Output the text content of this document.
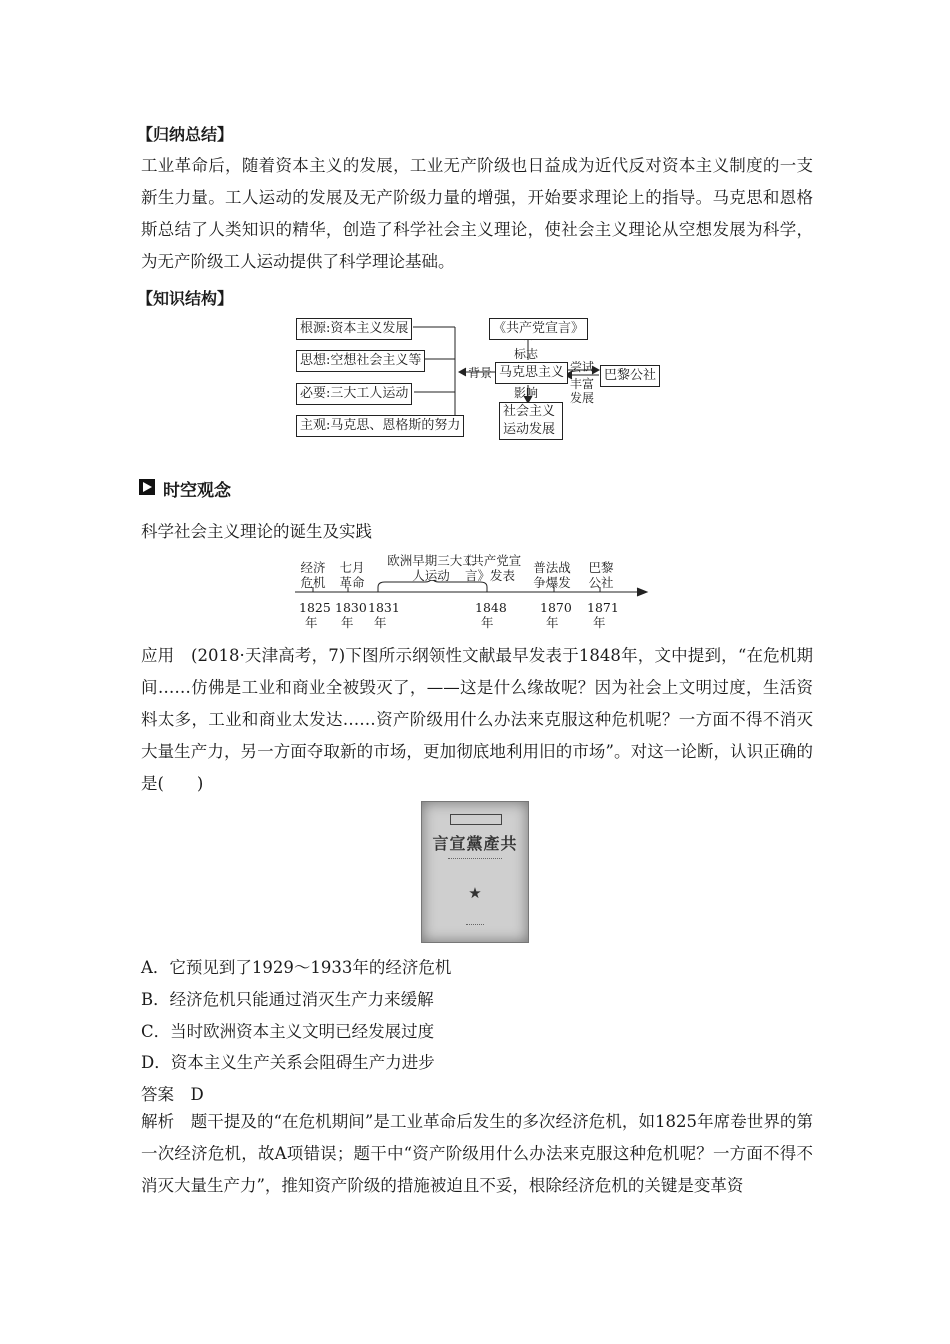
【归纳总结】
工业革命后，随着资本主义的发展，工业无产阶级也日益成为近代反对资本主义制度的一支新生力量。工人运动的发展及无产阶级力量的增强，开始要求理论上的指导。马克思和恩格斯总结了人类知识的精华，创造了科学社会主义理论，使社会主义理论从空想发展为科学，为无产阶级工人运动提供了科学理论基础。
【知识结构】
根源:资本主义发展
思想:空想社会主义等
必要:三大工人运动
主观:马克思、恩格斯的努力
背景 马克思主义
《共产党宣言》
标志
影响
社会主义运动发展
尝试
丰富发展
巴黎公社
时空观念
科学社会主义理论的诞生及实践
经济危机
七月革命
欧洲早期三大工人运动
《共产党宣言》发表
普法战争爆发
巴黎公社
1825
年
1830
年
1831
年
1848
年
1870
年
1871
年
应用　(2018·天津高考，7)下图所示纲领性文献最早发表于1848年，文中提到，“在危机期间……仿佛是工业和商业全被毁灭了，——这是什么缘故呢？因为社会上文明过度，生活资料太多，工业和商业太发达……资产阶级用什么办法来克服这种危机呢？一方面不得不消灭大量生产力，另一方面夺取新的市场，更加彻底地利用旧的市场”。对这一论断，认识正确的是(　　)
共產黨宣言
★
A．它预见到了1929～1933年的经济危机
B．经济危机只能通过消灭生产力来缓解
C．当时欧洲资本主义文明已经发展过度
D．资本主义生产关系会阻碍生产力进步
答案　D
解析　题干提及的“在危机期间”是工业革命后发生的多次经济危机，如1825年席卷世界的第一次经济危机，故A项错误；题干中“资产阶级用什么办法来克服这种危机呢？一方面不得不消灭大量生产力”，推知资产阶级的措施被迫且不妥，根除经济危机的关键是变革资
